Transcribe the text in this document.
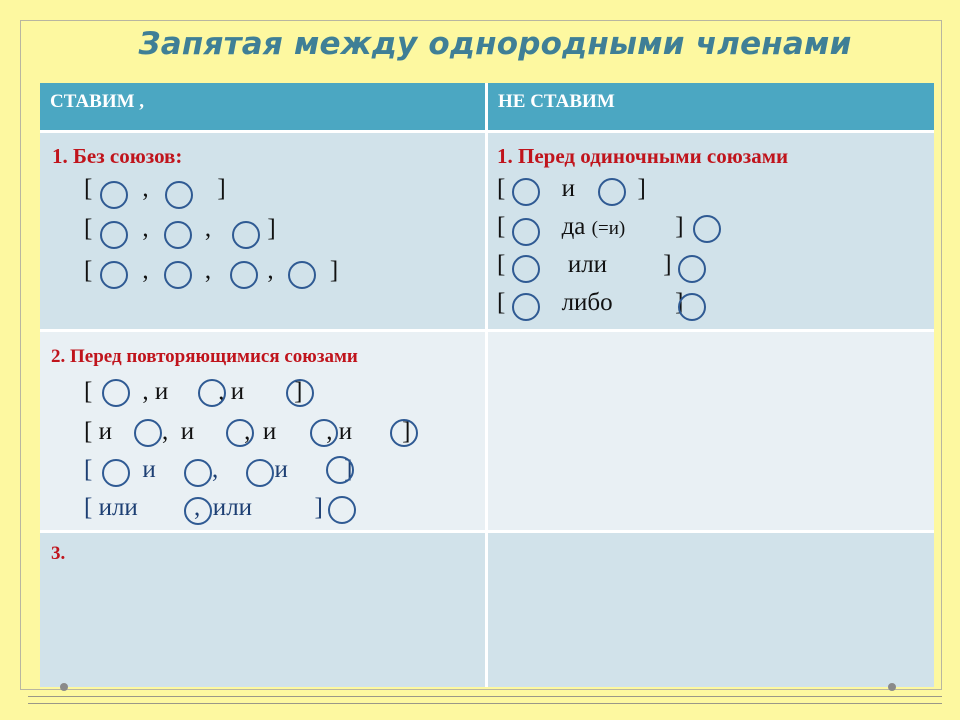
Запятая между однородными членами
СТАВИМ ,	НЕ СТАВИМ
1. Без союзов:
[        ,           ]
[        ,         ,         ]
[        ,         ,         ,         ]
1. Перед одиночными союзами
[         и          ]
[         да (=и) ]
[          или         ]
[         либо          ]
2. Перед повторяющимися союзами
[        , и        , и        ]
[ и        ,  и        ,  и        , и        ]
[        и         ,         и         ]
[ или         ,  или          ]
3.
